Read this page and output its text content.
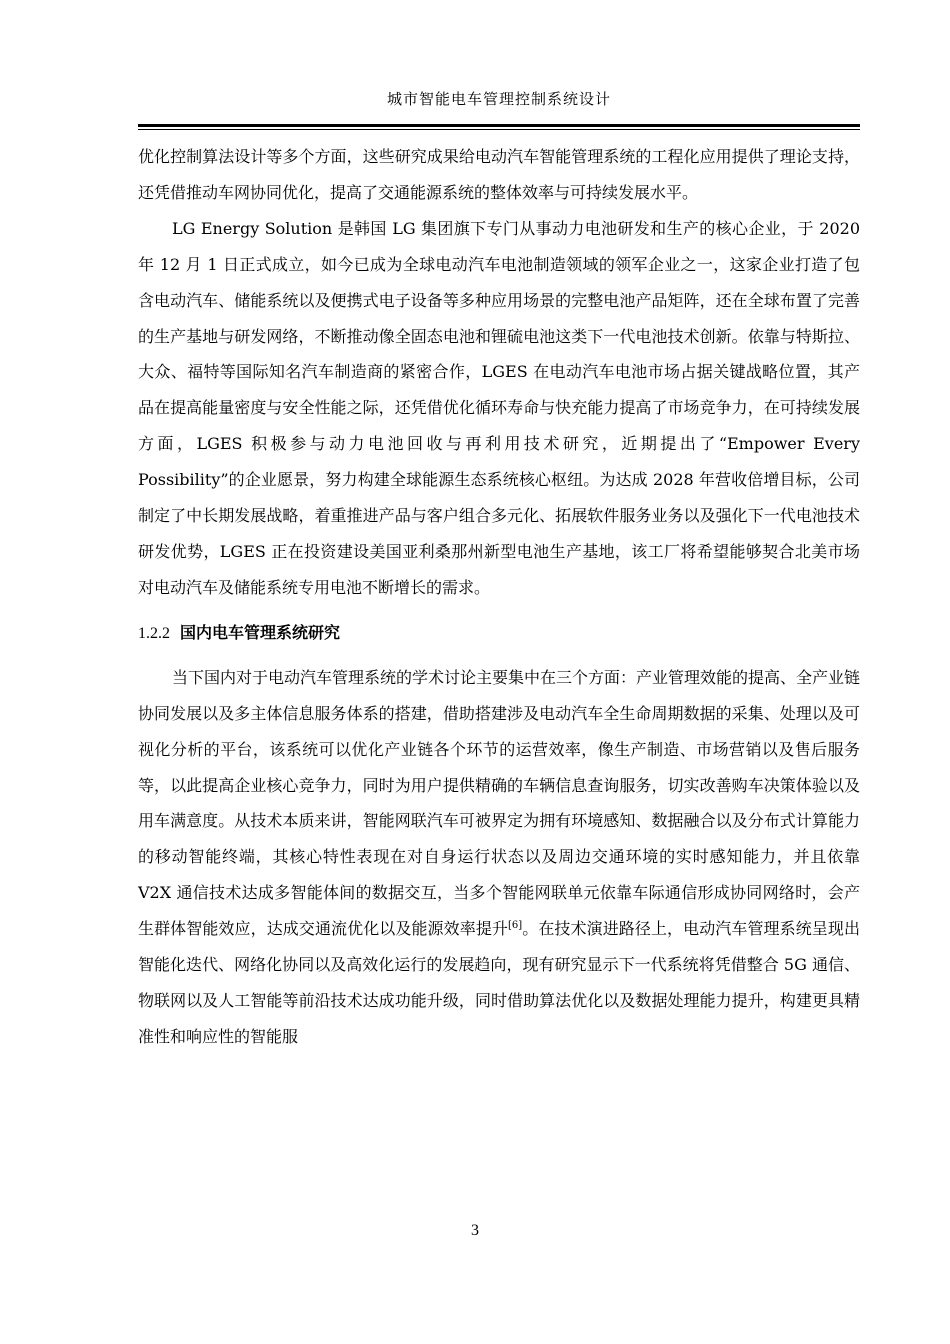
城市智能电车管理控制系统设计

优化控制算法设计等多个方面，这些研究成果给电动汽车智能管理系统的工程化应用提供了理论支持，还凭借推动车网协同优化，提高了交通能源系统的整体效率与可持续发展水平。

LG Energy Solution 是韩国 LG 集团旗下专门从事动力电池研发和生产的核心企业，于 2020 年 12 月 1 日正式成立，如今已成为全球电动汽车电池制造领域的领军企业之一，这家企业打造了包含电动汽车、储能系统以及便携式电子设备等多种应用场景的完整电池产品矩阵，还在全球布置了完善的生产基地与研发网络，不断推动像全固态电池和锂硫电池这类下一代电池技术创新。依靠与特斯拉、大众、福特等国际知名汽车制造商的紧密合作，LGES 在电动汽车电池市场占据关键战略位置，其产品在提高能量密度与安全性能之际，还凭借优化循环寿命与快充能力提高了市场竞争力，在可持续发展方面，LGES 积极参与动力电池回收与再利用技术研究，近期提出了“Empower Every Possibility”的企业愿景，努力构建全球能源生态系统核心枢纽。为达成 2028 年营收倍增目标，公司制定了中长期发展战略，着重推进产品与客户组合多元化、拓展软件服务业务以及强化下一代电池技术研发优势，LGES 正在投资建设美国亚利桑那州新型电池生产基地，该工厂将希望能够契合北美市场对电动汽车及储能系统专用电池不断增长的需求。

1.2.2 国内电车管理系统研究

当下国内对于电动汽车管理系统的学术讨论主要集中在三个方面：产业管理效能的提高、全产业链协同发展以及多主体信息服务体系的搭建，借助搭建涉及电动汽车全生命周期数据的采集、处理以及可视化分析的平台，该系统可以优化产业链各个环节的运营效率，像生产制造、市场营销以及售后服务等，以此提高企业核心竞争力，同时为用户提供精确的车辆信息查询服务，切实改善购车决策体验以及用车满意度。从技术本质来讲，智能网联汽车可被界定为拥有环境感知、数据融合以及分布式计算能力的移动智能终端，其核心特性表现在对自身运行状态以及周边交通环境的实时感知能力，并且依靠 V2X 通信技术达成多智能体间的数据交互，当多个智能网联单元依靠车际通信形成协同网络时，会产生群体智能效应，达成交通流优化以及能源效率提升[6]。在技术演进路径上，电动汽车管理系统呈现出智能化迭代、网络化协同以及高效化运行的发展趋向，现有研究显示下一代系统将凭借整合 5G 通信、物联网以及人工智能等前沿技术达成功能升级，同时借助算法优化以及数据处理能力提升，构建更具精准性和响应性的智能服

3
